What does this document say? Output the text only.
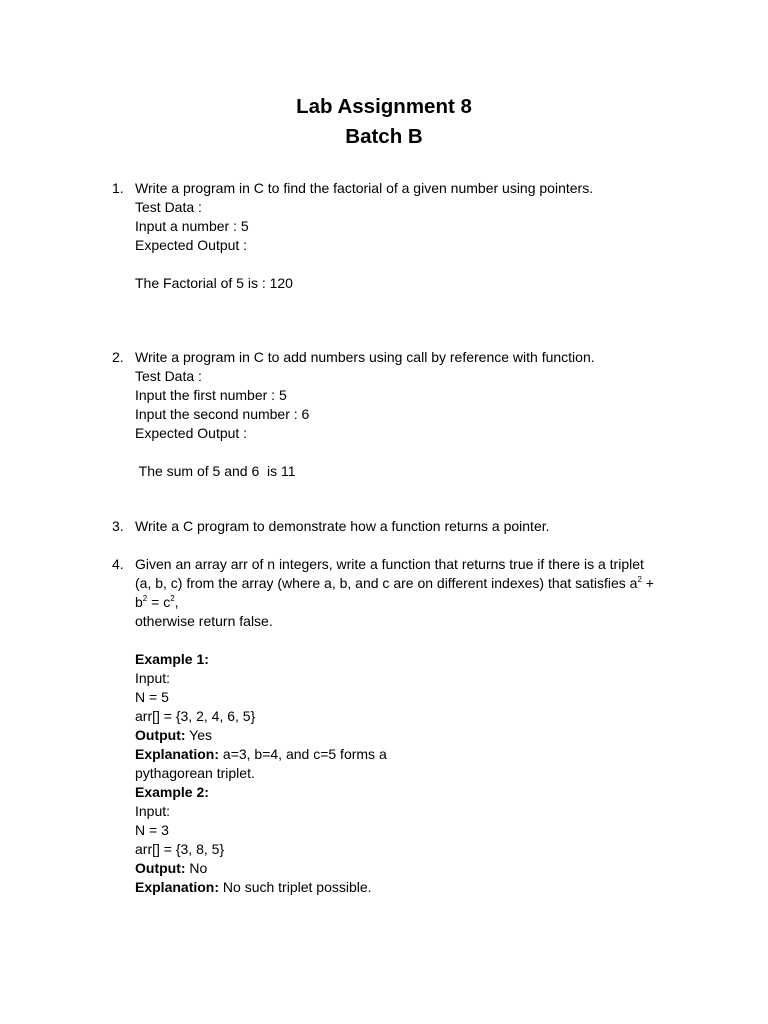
Lab Assignment 8
Batch B
1. Write a program in C to find the factorial of a given number using pointers.
Test Data :
Input a number : 5
Expected Output :
The Factorial of 5 is : 120
2. Write a program in C to add numbers using call by reference with function.
Test Data :
Input the first number : 5
Input the second number : 6
Expected Output :
The sum of 5 and 6  is 11
3. Write a C program to demonstrate how a function returns a pointer.
4. Given an array arr of n integers, write a function that returns true if there is a triplet (a, b, c) from the array (where a, b, and c are on different indexes) that satisfies $a^2 + b^2 = c^2$,
otherwise return false.
Example 1:
Input:
N = 5
arr[] = {3, 2, 4, 6, 5}
Output: Yes
Explanation: a=3, b=4, and c=5 forms a
pythagorean triplet.
Example 2:
Input:
N = 3
arr[] = {3, 8, 5}
Output: No
Explanation: No such triplet possible.
